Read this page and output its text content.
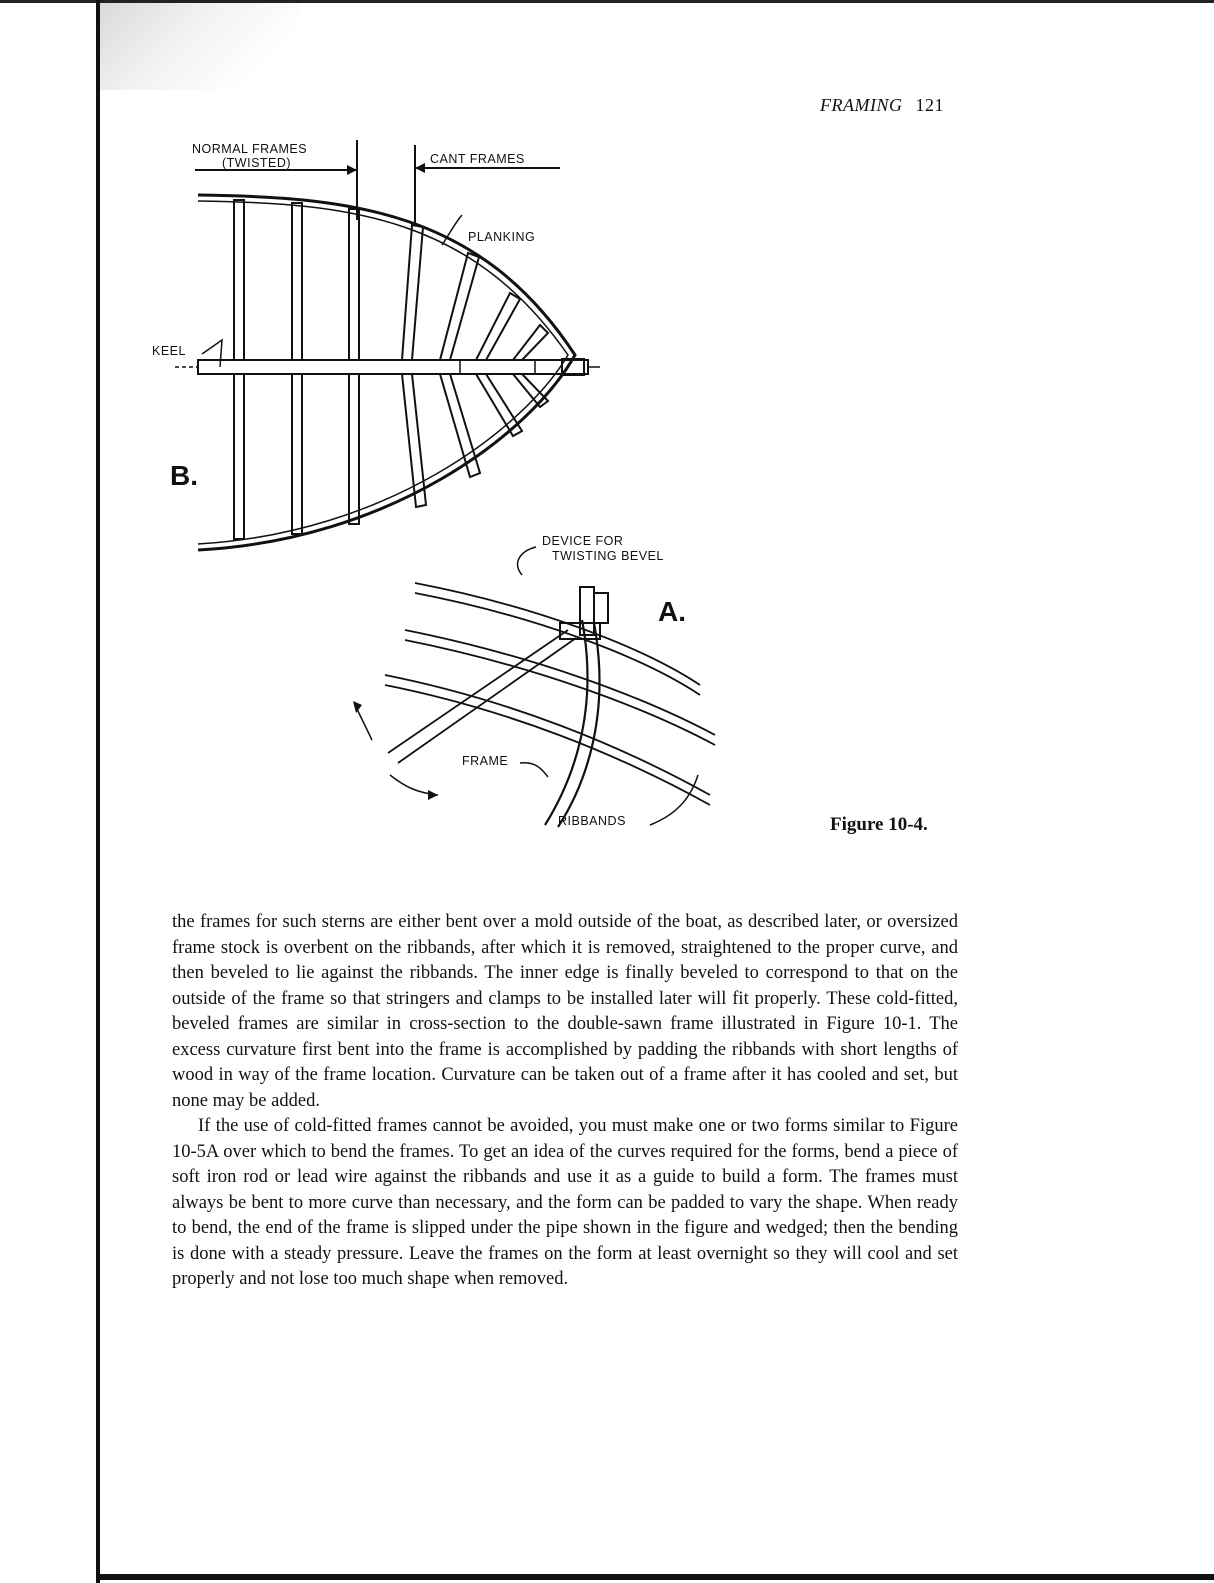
FRAMING 121
NORMAL FRAMES
(TWISTED)	CANT FRAMES
PLANKING
KEEL
B.
DEVICE FOR
TWISTING BEVEL
A.
FRAME
RIBBANDS	Figure 10-4.

the frames for such sterns are either bent over a mold outside of the boat, as described later, or oversized frame stock is overbent on the ribbands, after which it is removed, straightened to the proper curve, and then beveled to lie against the ribbands. The inner edge is finally beveled to correspond to that on the outside of the frame so that stringers and clamps to be installed later will fit properly. These cold-fitted, beveled frames are similar in cross-section to the double-sawn frame illustrated in Figure 10-1. The excess curvature first bent into the frame is accomplished by padding the ribbands with short lengths of wood in way of the frame location. Curvature can be taken out of a frame after it has cooled and set, but none may be added.

If the use of cold-fitted frames cannot be avoided, you must make one or two forms similar to Figure 10-5A over which to bend the frames. To get an idea of the curves required for the forms, bend a piece of soft iron rod or lead wire against the ribbands and use it as a guide to build a form. The frames must always be bent to more curve than necessary, and the form can be padded to vary the shape. When ready to bend, the end of the frame is slipped under the pipe shown in the figure and wedged; then the bending is done with a steady pressure. Leave the frames on the form at least overnight so they will cool and set properly and not lose too much shape when removed.
